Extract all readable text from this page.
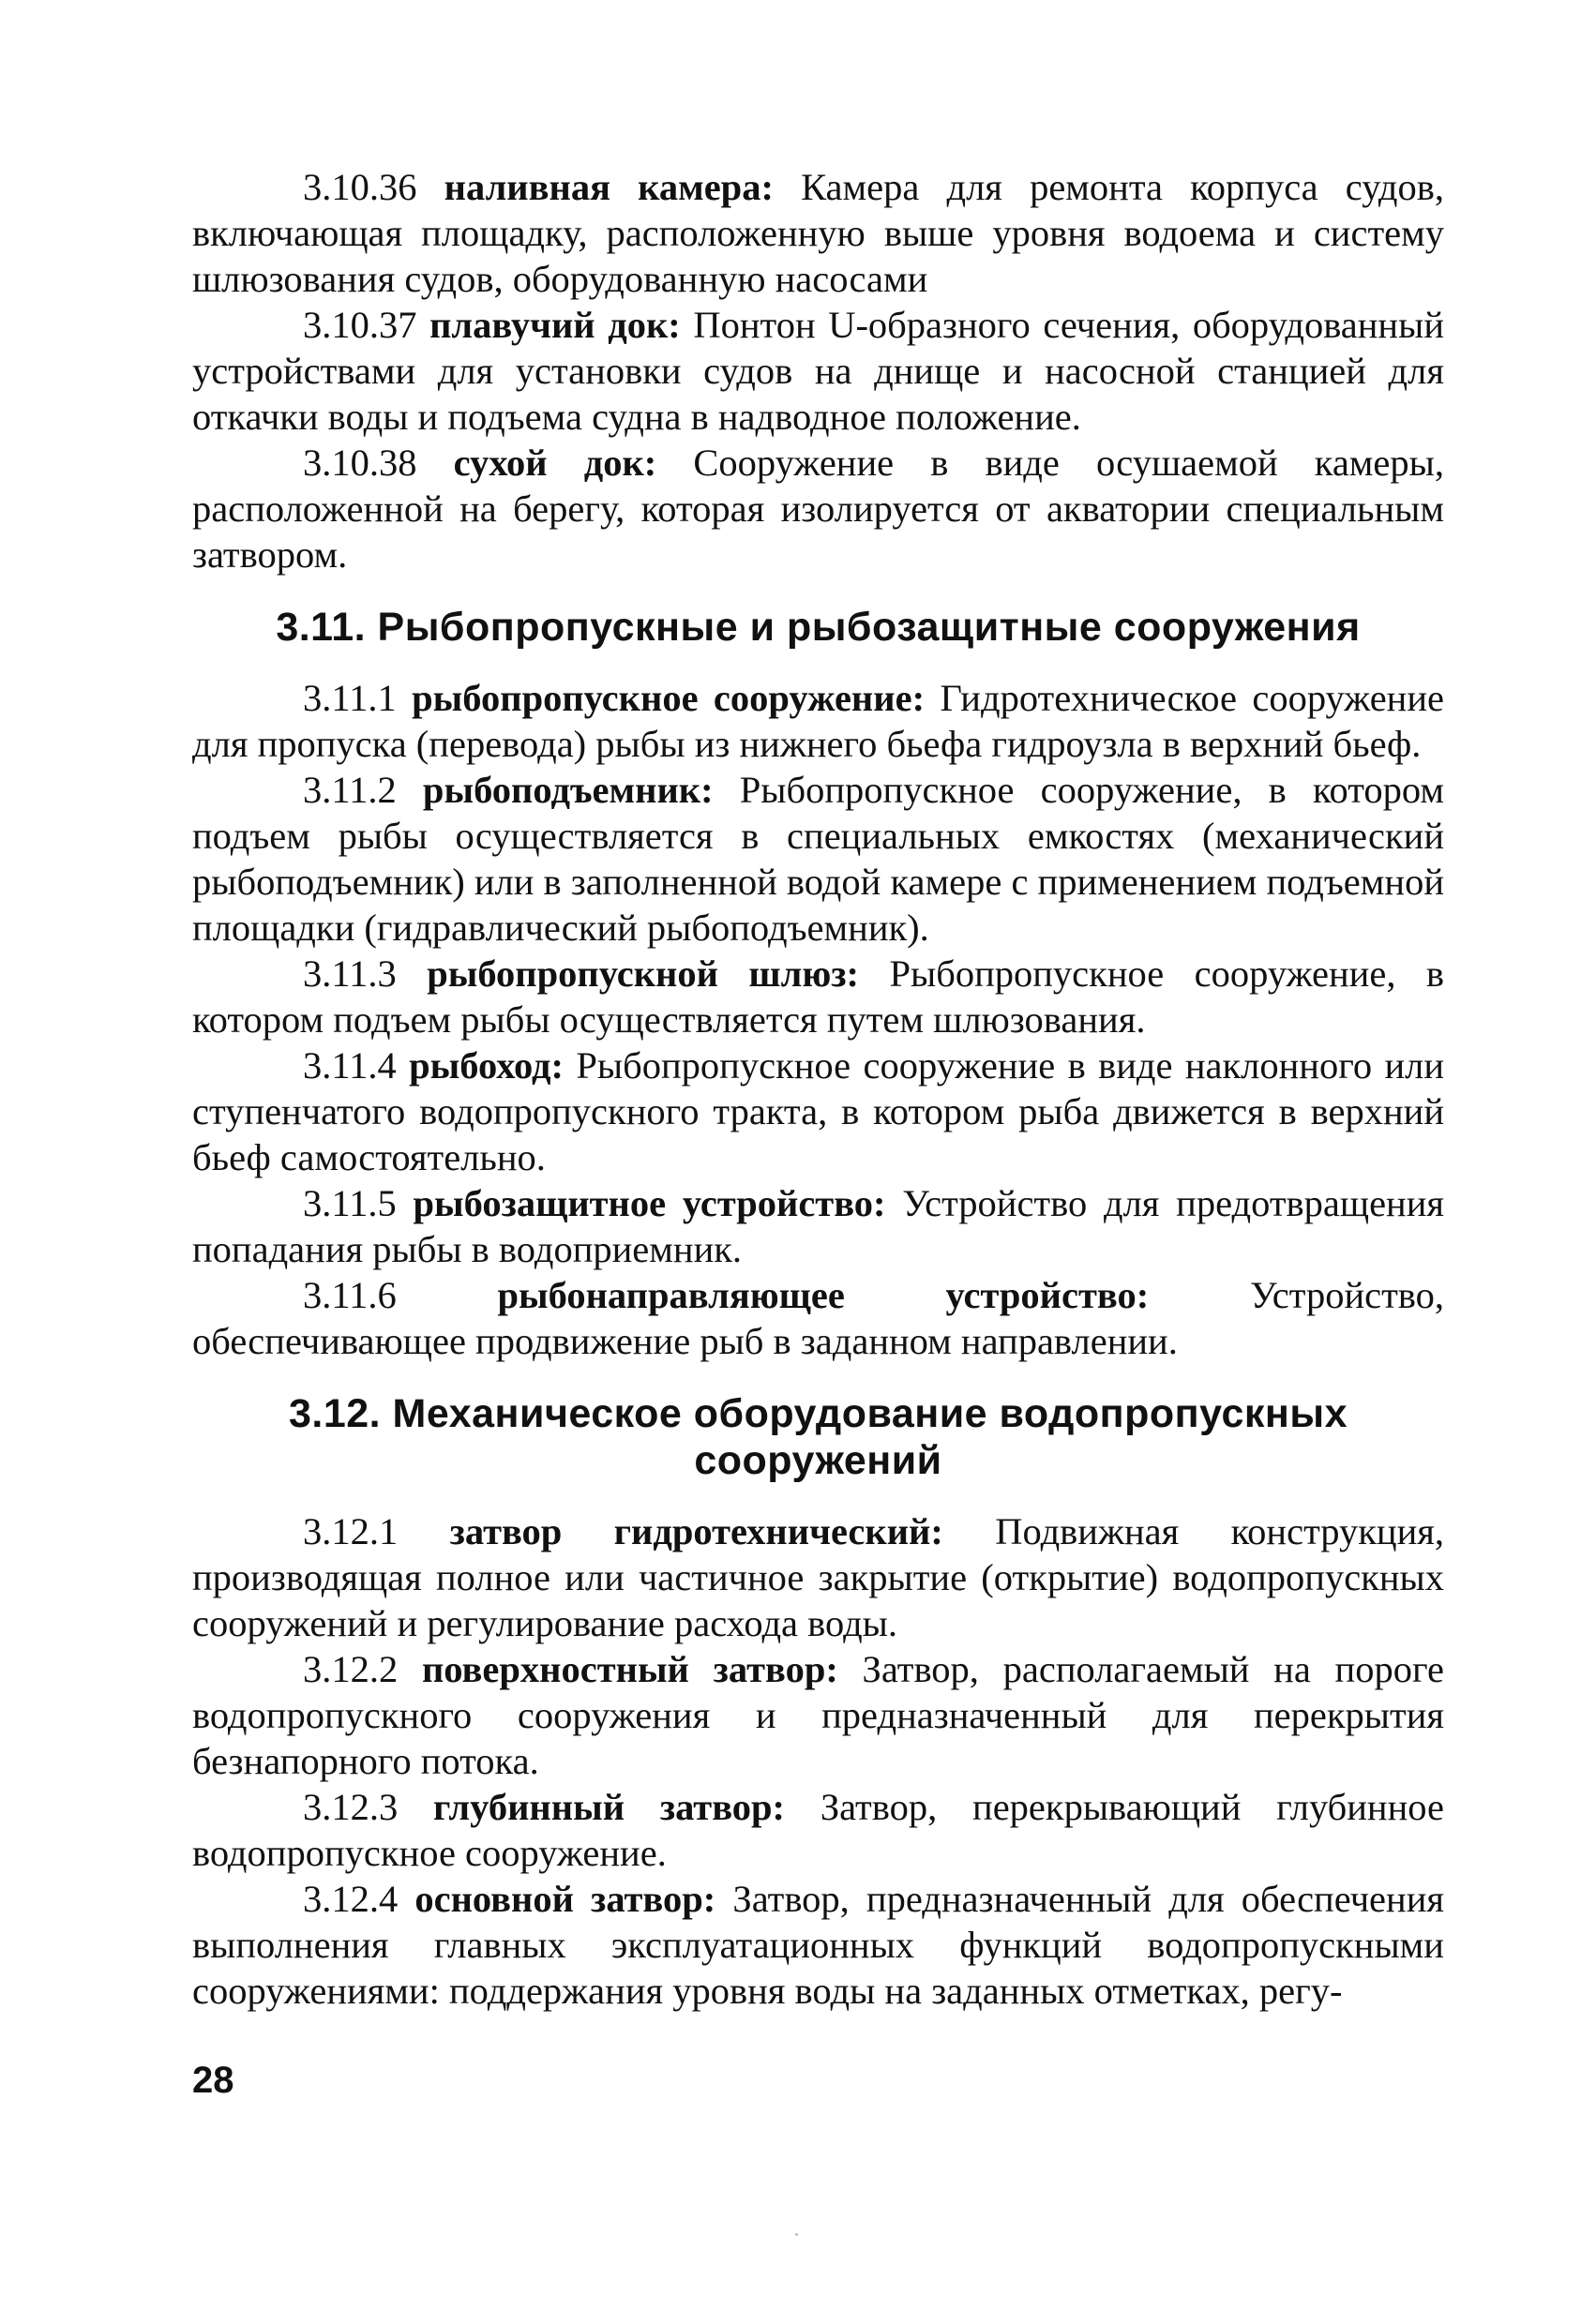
3.10.36 наливная камера: Камера для ремонта корпуса судов, включающая площадку, расположенную выше уровня водоема и систему шлюзования судов, оборудованную насосами

3.10.37 плавучий док: Понтон U-образного сечения, оборудованный устройствами для установки судов на днище и насосной станцией для откачки воды и подъема судна в надводное положение.

3.10.38 сухой док: Сооружение в виде осушаемой камеры, расположенной на берегу, которая изолируется от акватории специальным затвором.

3.11. Рыбопропускные и рыбозащитные сооружения

3.11.1 рыбопропускное сооружение: Гидротехническое сооружение для пропуска (перевода) рыбы из нижнего бьефа гидроузла в верхний бьеф.

3.11.2 рыбоподъемник: Рыбопропускное сооружение, в котором подъем рыбы осуществляется в специальных емкостях (механический рыбоподъемник) или в заполненной водой камере с применением подъемной площадки (гидравлический рыбоподъемник).

3.11.3 рыбопропускной шлюз: Рыбопропускное сооружение, в котором подъем рыбы осуществляется путем шлюзования.

3.11.4 рыбоход: Рыбопропускное сооружение в виде наклонного или ступенчатого водопропускного тракта, в котором рыба движется в верхний бьеф самостоятельно.

3.11.5 рыбозащитное устройство: Устройство для предотвращения попадания рыбы в водоприемник.

3.11.6	рыбонаправляющее устройство:	Устройство, обеспечивающее продвижение рыб в заданном направлении.

3.12. Механическое оборудование водопропускных
сооружений

3.12.1 затвор гидротехнический: Подвижная конструкция, производящая полное или частичное закрытие (открытие) водопропускных сооружений и регулирование расхода воды.

3.12.2 поверхностный затвор: Затвор, располагаемый на пороге водопропускного сооружения и предназначенный для перекрытия безнапорного потока.

3.12.3 глубинный затвор: Затвор, перекрывающий глубинное водопропускное сооружение.

3.12.4 основной затвор: Затвор, предназначенный для обеспечения выполнения главных эксплуатационных функций водопропускными сооружениями: поддержания уровня воды на заданных отметках, регу-

28
